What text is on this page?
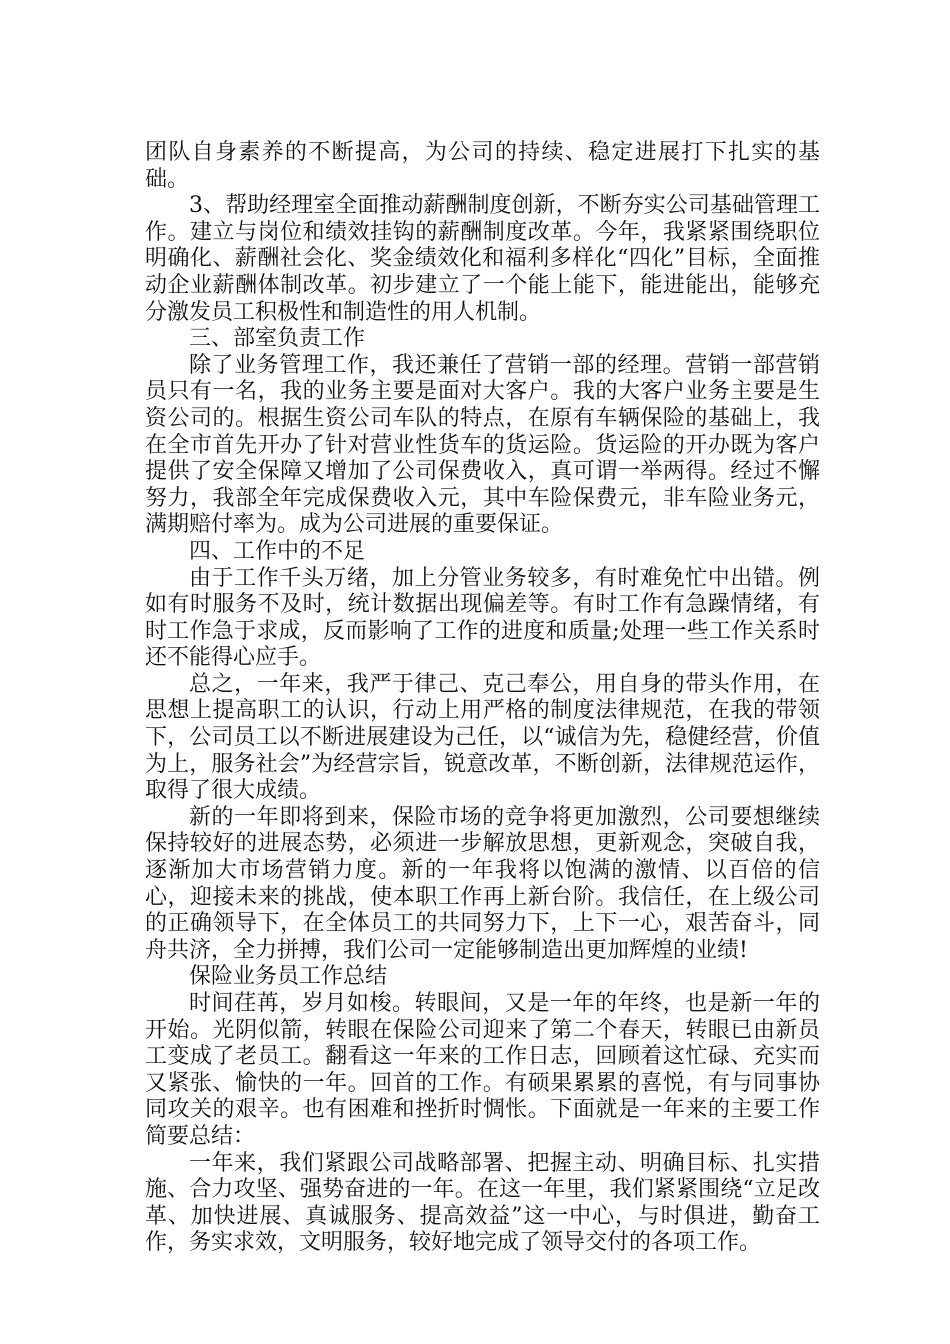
团队自身素养的不断提高，为公司的持续、稳定进展打下扎实的基础。

3、帮助经理室全面推动薪酬制度创新，不断夯实公司基础管理工作。建立与岗位和绩效挂钩的薪酬制度改革。今年，我紧紧围绕职位明确化、薪酬社会化、奖金绩效化和福利多样化“四化”目标，全面推动企业薪酬体制改革。初步建立了一个能上能下，能进能出，能够充分激发员工积极性和制造性的用人机制。

三、部室负责工作

除了业务管理工作，我还兼任了营销一部的经理。营销一部营销员只有一名，我的业务主要是面对大客户。我的大客户业务主要是生资公司的。根据生资公司车队的特点，在原有车辆保险的基础上，我在全市首先开办了针对营业性货车的货运险。货运险的开办既为客户提供了安全保障又增加了公司保费收入，真可谓一举两得。经过不懈努力，我部全年完成保费收入元，其中车险保费元，非车险业务元，满期赔付率为。成为公司进展的重要保证。

四、工作中的不足

由于工作千头万绪，加上分管业务较多，有时难免忙中出错。例如有时服务不及时，统计数据出现偏差等。有时工作有急躁情绪，有时工作急于求成，反而影响了工作的进度和质量;处理一些工作关系时还不能得心应手。

总之，一年来，我严于律己、克己奉公，用自身的带头作用，在思想上提高职工的认识，行动上用严格的制度法律规范，在我的带领下，公司员工以不断进展建设为己任，以“诚信为先，稳健经营，价值为上，服务社会”为经营宗旨，锐意改革，不断创新，法律规范运作，取得了很大成绩。

新的一年即将到来，保险市场的竞争将更加激烈，公司要想继续保持较好的进展态势，必须进一步解放思想，更新观念，突破自我，逐渐加大市场营销力度。新的一年我将以饱满的激情、以百倍的信心，迎接未来的挑战，使本职工作再上新台阶。我信任，在上级公司的正确领导下，在全体员工的共同努力下，上下一心，艰苦奋斗，同舟共济，全力拼搏，我们公司一定能够制造出更加辉煌的业绩!

保险业务员工作总结

时间荏苒，岁月如梭。转眼间，又是一年的年终，也是新一年的开始。光阴似箭，转眼在保险公司迎来了第二个春天，转眼已由新员工变成了老员工。翻看这一年来的工作日志，回顾着这忙碌、充实而又紧张、愉快的一年。回首的工作。有硕果累累的喜悦，有与同事协同攻关的艰辛。也有困难和挫折时惆怅。下面就是一年来的主要工作简要总结：

一年来，我们紧跟公司战略部署、把握主动、明确目标、扎实措施、合力攻坚、强势奋进的一年。在这一年里，我们紧紧围绕“立足改革、加快进展、真诚服务、提高效益”这一中心，与时俱进，勤奋工作，务实求效，文明服务，较好地完成了领导交付的各项工作。
